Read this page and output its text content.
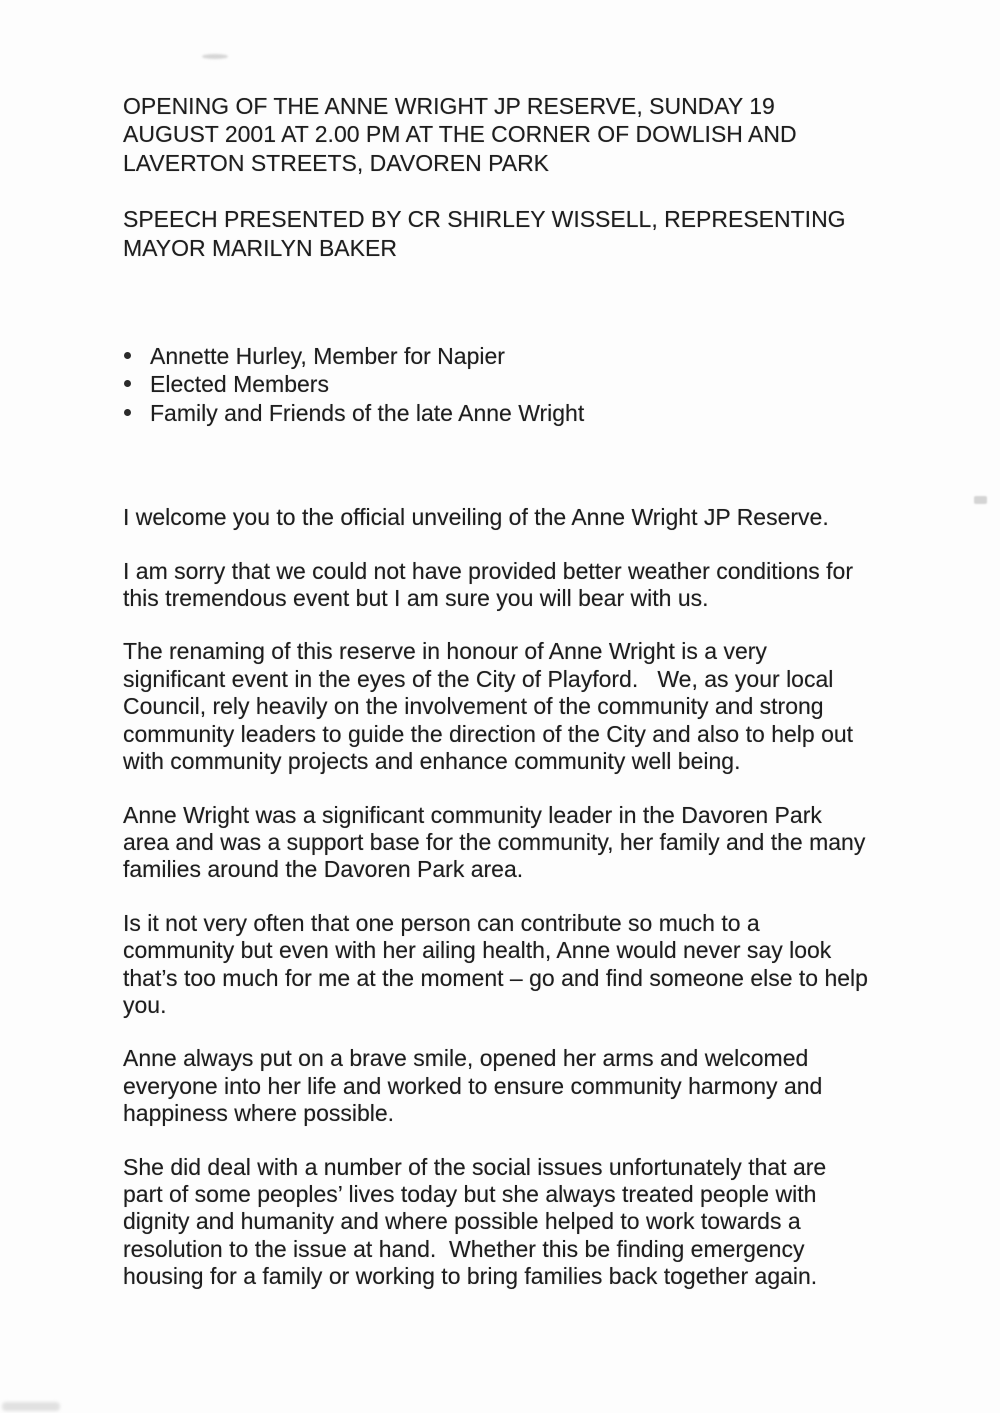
OPENING OF THE ANNE WRIGHT JP RESERVE, SUNDAY 19
AUGUST 2001 AT 2.00 PM AT THE CORNER OF DOWLISH AND
LAVERTON STREETS, DAVOREN PARK
SPEECH PRESENTED BY CR SHIRLEY WISSELL, REPRESENTING
MAYOR MARILYN BAKER
Annette Hurley, Member for Napier
Elected Members
Family and Friends of the late Anne Wright
I welcome you to the official unveiling of the Anne Wright JP Reserve.
I am sorry that we could not have provided better weather conditions for
this tremendous event but I am sure you will bear with us.
The renaming of this reserve in honour of Anne Wright is a very
significant event in the eyes of the City of Playford.   We, as your local
Council, rely heavily on the involvement of the community and strong
community leaders to guide the direction of the City and also to help out
with community projects and enhance community well being.
Anne Wright was a significant community leader in the Davoren Park
area and was a support base for the community, her family and the many
families around the Davoren Park area.
Is it not very often that one person can contribute so much to a
community but even with her ailing health, Anne would never say look
that’s too much for me at the moment – go and find someone else to help
you.
Anne always put on a brave smile, opened her arms and welcomed
everyone into her life and worked to ensure community harmony and
happiness where possible.
She did deal with a number of the social issues unfortunately that are
part of some peoples’ lives today but she always treated people with
dignity and humanity and where possible helped to work towards a
resolution to the issue at hand.  Whether this be finding emergency
housing for a family or working to bring families back together again.
